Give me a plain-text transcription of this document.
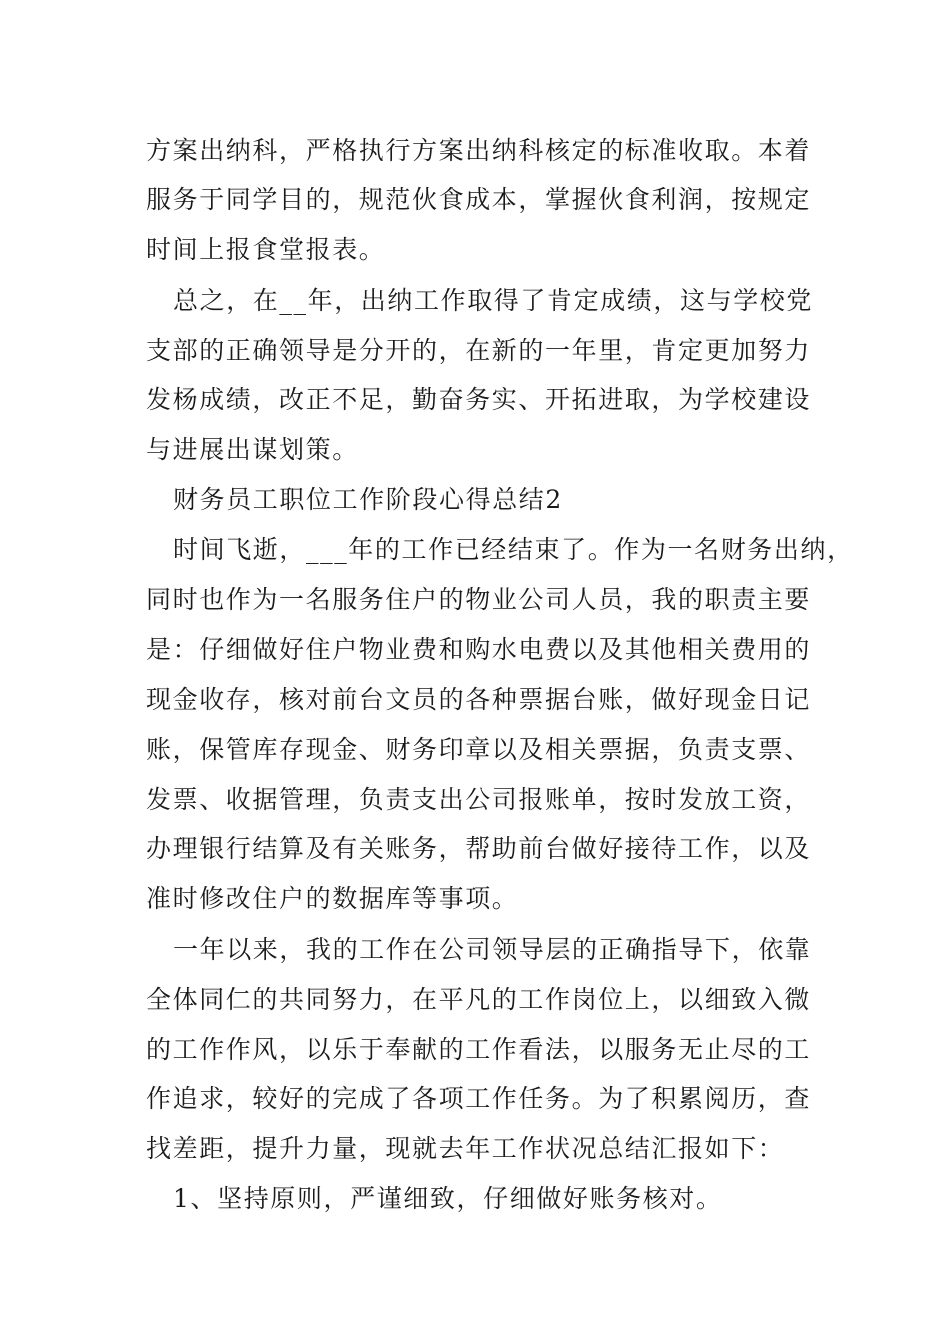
方案出纳科，严格执行方案出纳科核定的标准收取。本着
服务于同学目的，规范伙食成本，掌握伙食利润，按规定
时间上报食堂报表。
总之，在__年，出纳工作取得了肯定成绩，这与学校党
支部的正确领导是分开的，在新的一年里，肯定更加努力
发杨成绩，改正不足，勤奋务实、开拓进取，为学校建设
与进展出谋划策。
财务员工职位工作阶段心得总结2
时间飞逝，___年的工作已经结束了。作为一名财务出纳，
同时也作为一名服务住户的物业公司人员，我的职责主要
是：仔细做好住户物业费和购水电费以及其他相关费用的
现金收存，核对前台文员的各种票据台账，做好现金日记
账，保管库存现金、财务印章以及相关票据，负责支票、
发票、收据管理，负责支出公司报账单，按时发放工资，
办理银行结算及有关账务，帮助前台做好接待工作，以及
准时修改住户的数据库等事项。
一年以来，我的工作在公司领导层的正确指导下，依靠
全体同仁的共同努力，在平凡的工作岗位上，以细致入微
的工作作风，以乐于奉献的工作看法，以服务无止尽的工
作追求，较好的完成了各项工作任务。为了积累阅历，查
找差距，提升力量，现就去年工作状况总结汇报如下：
1、坚持原则，严谨细致，仔细做好账务核对。
